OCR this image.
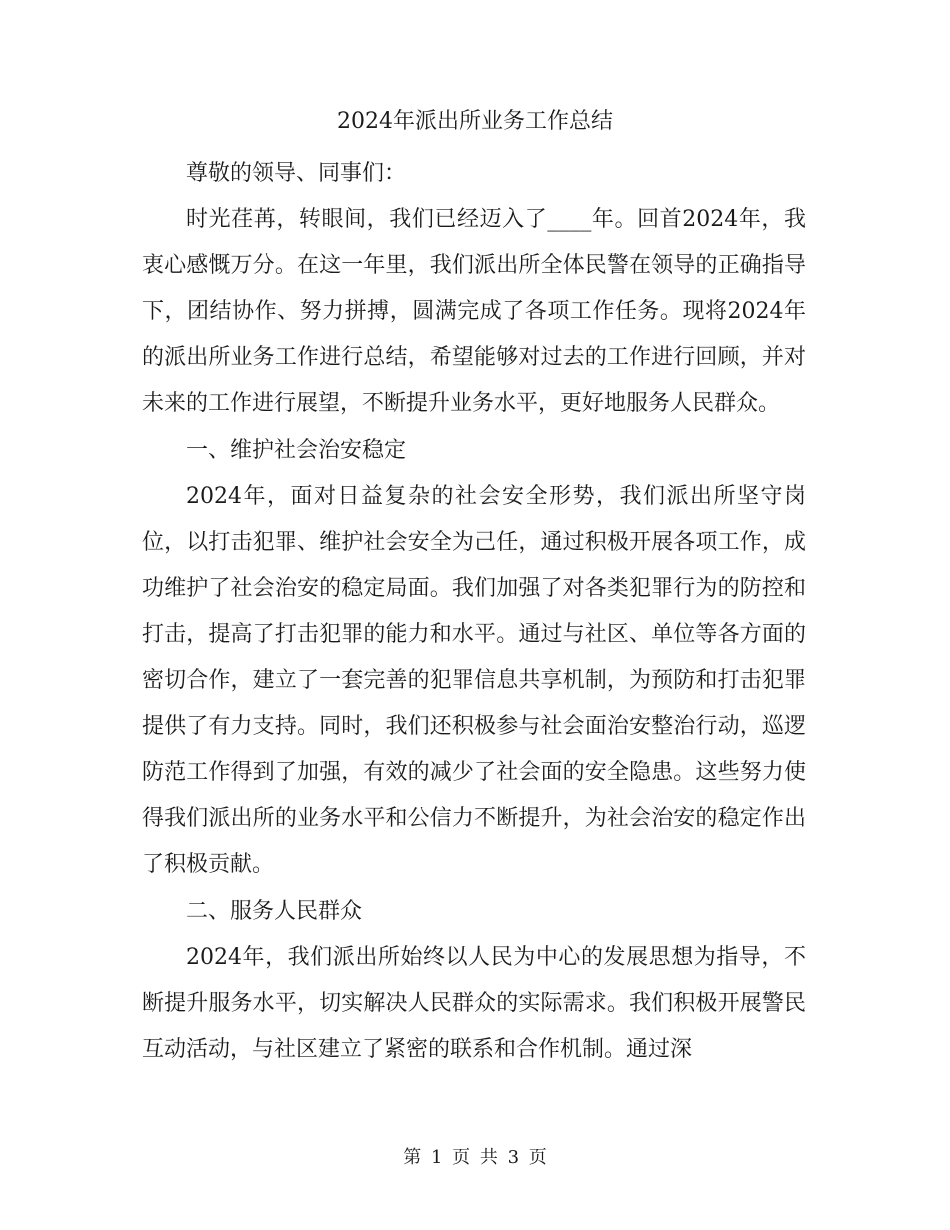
2024年派出所业务工作总结

尊敬的领导、同事们：

时光荏苒，转眼间，我们已经迈入了____年。回首2024年，我衷心感慨万分。在这一年里，我们派出所全体民警在领导的正确指导下，团结协作、努力拼搏，圆满完成了各项工作任务。现将2024年的派出所业务工作进行总结，希望能够对过去的工作进行回顾，并对未来的工作进行展望，不断提升业务水平，更好地服务人民群众。

一、维护社会治安稳定

2024年，面对日益复杂的社会安全形势，我们派出所坚守岗位，以打击犯罪、维护社会安全为己任，通过积极开展各项工作，成功维护了社会治安的稳定局面。我们加强了对各类犯罪行为的防控和打击，提高了打击犯罪的能力和水平。通过与社区、单位等各方面的密切合作，建立了一套完善的犯罪信息共享机制，为预防和打击犯罪提供了有力支持。同时，我们还积极参与社会面治安整治行动，巡逻防范工作得到了加强，有效的减少了社会面的安全隐患。这些努力使得我们派出所的业务水平和公信力不断提升，为社会治安的稳定作出了积极贡献。

二、服务人民群众

2024年，我们派出所始终以人民为中心的发展思想为指导，不断提升服务水平，切实解决人民群众的实际需求。我们积极开展警民互动活动，与社区建立了紧密的联系和合作机制。通过深

第 1 页 共 3 页
